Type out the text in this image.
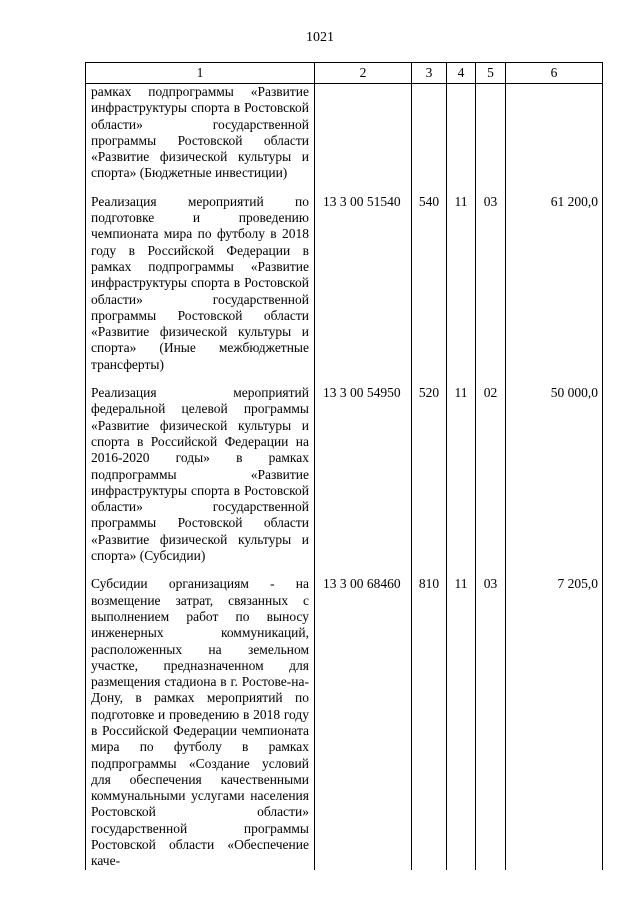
1021
1	2	3	4	5	6
рамках подпрограммы «Развитие инфраструктуры спорта в Ростовской области» государственной программы Ростовской области «Развитие физической культуры и спорта» (Бюджетные инвестиции)					

Реализация мероприятий по подготовке и проведению чемпионата мира по футболу в 2018 году в Российской Федерации в рамках подпрограммы «Развитие инфраструктуры спорта в Ростовской области» государственной программы Ростовской области «Развитие физической культуры и спорта» (Иные межбюджетные трансферты)	13 3 00 51540	540	11	03	61 200,0

Реализация мероприятий федеральной целевой программы «Развитие физической культуры и спорта в Российской Федерации на 2016-2020 годы» в рамках подпрограммы «Развитие инфраструктуры спорта в Ростовской области» государственной программы Ростовской области «Развитие физической культуры и спорта» (Субсидии)	13 3 00 54950	520	11	02	50 000,0

Субсидии организациям - на возмещение затрат, связанных с выполнением работ по выносу инженерных коммуникаций, расположенных на земельном участке, предназначенном для размещения стадиона в г. Ростове-на-Дону, в рамках мероприятий по подготовке и проведению в 2018 году в Российской Федерации чемпионата мира по футболу в рамках подпрограммы «Создание условий для обеспечения качественными коммунальными услугами населения Ростовской области» государственной программы Ростовской области «Обеспечение каче-	13 3 00 68460	810	11	03	7 205,0
